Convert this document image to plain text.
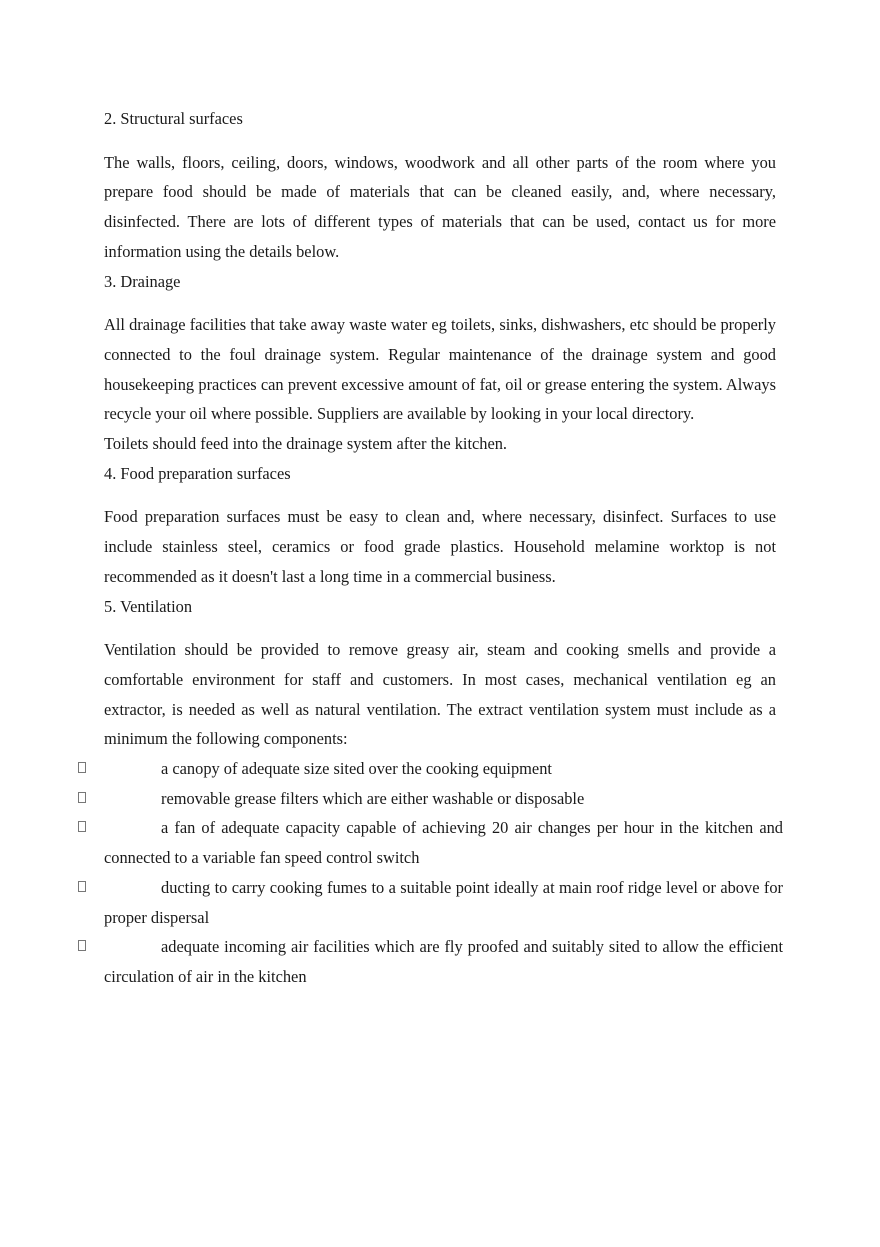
2. Structural surfaces

The walls, floors, ceiling, doors, windows, woodwork and all other parts of the room where you prepare food should be made of materials that can be cleaned easily, and, where necessary, disinfected. There are lots of different types of materials that can be used, contact us for more information using the details below.

3. Drainage

All drainage facilities that take away waste water eg toilets, sinks, dishwashers, etc should be properly connected to the foul drainage system. Regular maintenance of the drainage system and good housekeeping practices can prevent excessive amount of fat, oil or grease entering the system. Always recycle your oil where possible. Suppliers are available by looking in your local directory.

Toilets should feed into the drainage system after the kitchen.

4. Food preparation surfaces

Food preparation surfaces must be easy to clean and, where necessary, disinfect. Surfaces to use include stainless steel, ceramics or food grade plastics. Household melamine worktop is not recommended as it doesn't last a long time in a commercial business.

5. Ventilation

Ventilation should be provided to remove greasy air, steam and cooking smells and provide a comfortable environment for staff and customers. In most cases, mechanical ventilation eg an extractor, is needed as well as natural ventilation. The extract ventilation system must include as a minimum the following components:

a canopy of adequate size sited over the cooking equipment
removable grease filters which are either washable or disposable
a fan of adequate capacity capable of achieving 20 air changes per hour in the kitchen and connected to a variable fan speed control switch
ducting to carry cooking fumes to a suitable point ideally at main roof ridge level or above for proper dispersal
adequate incoming air facilities which are fly proofed and suitably sited to allow the efficient circulation of air in the kitchen
